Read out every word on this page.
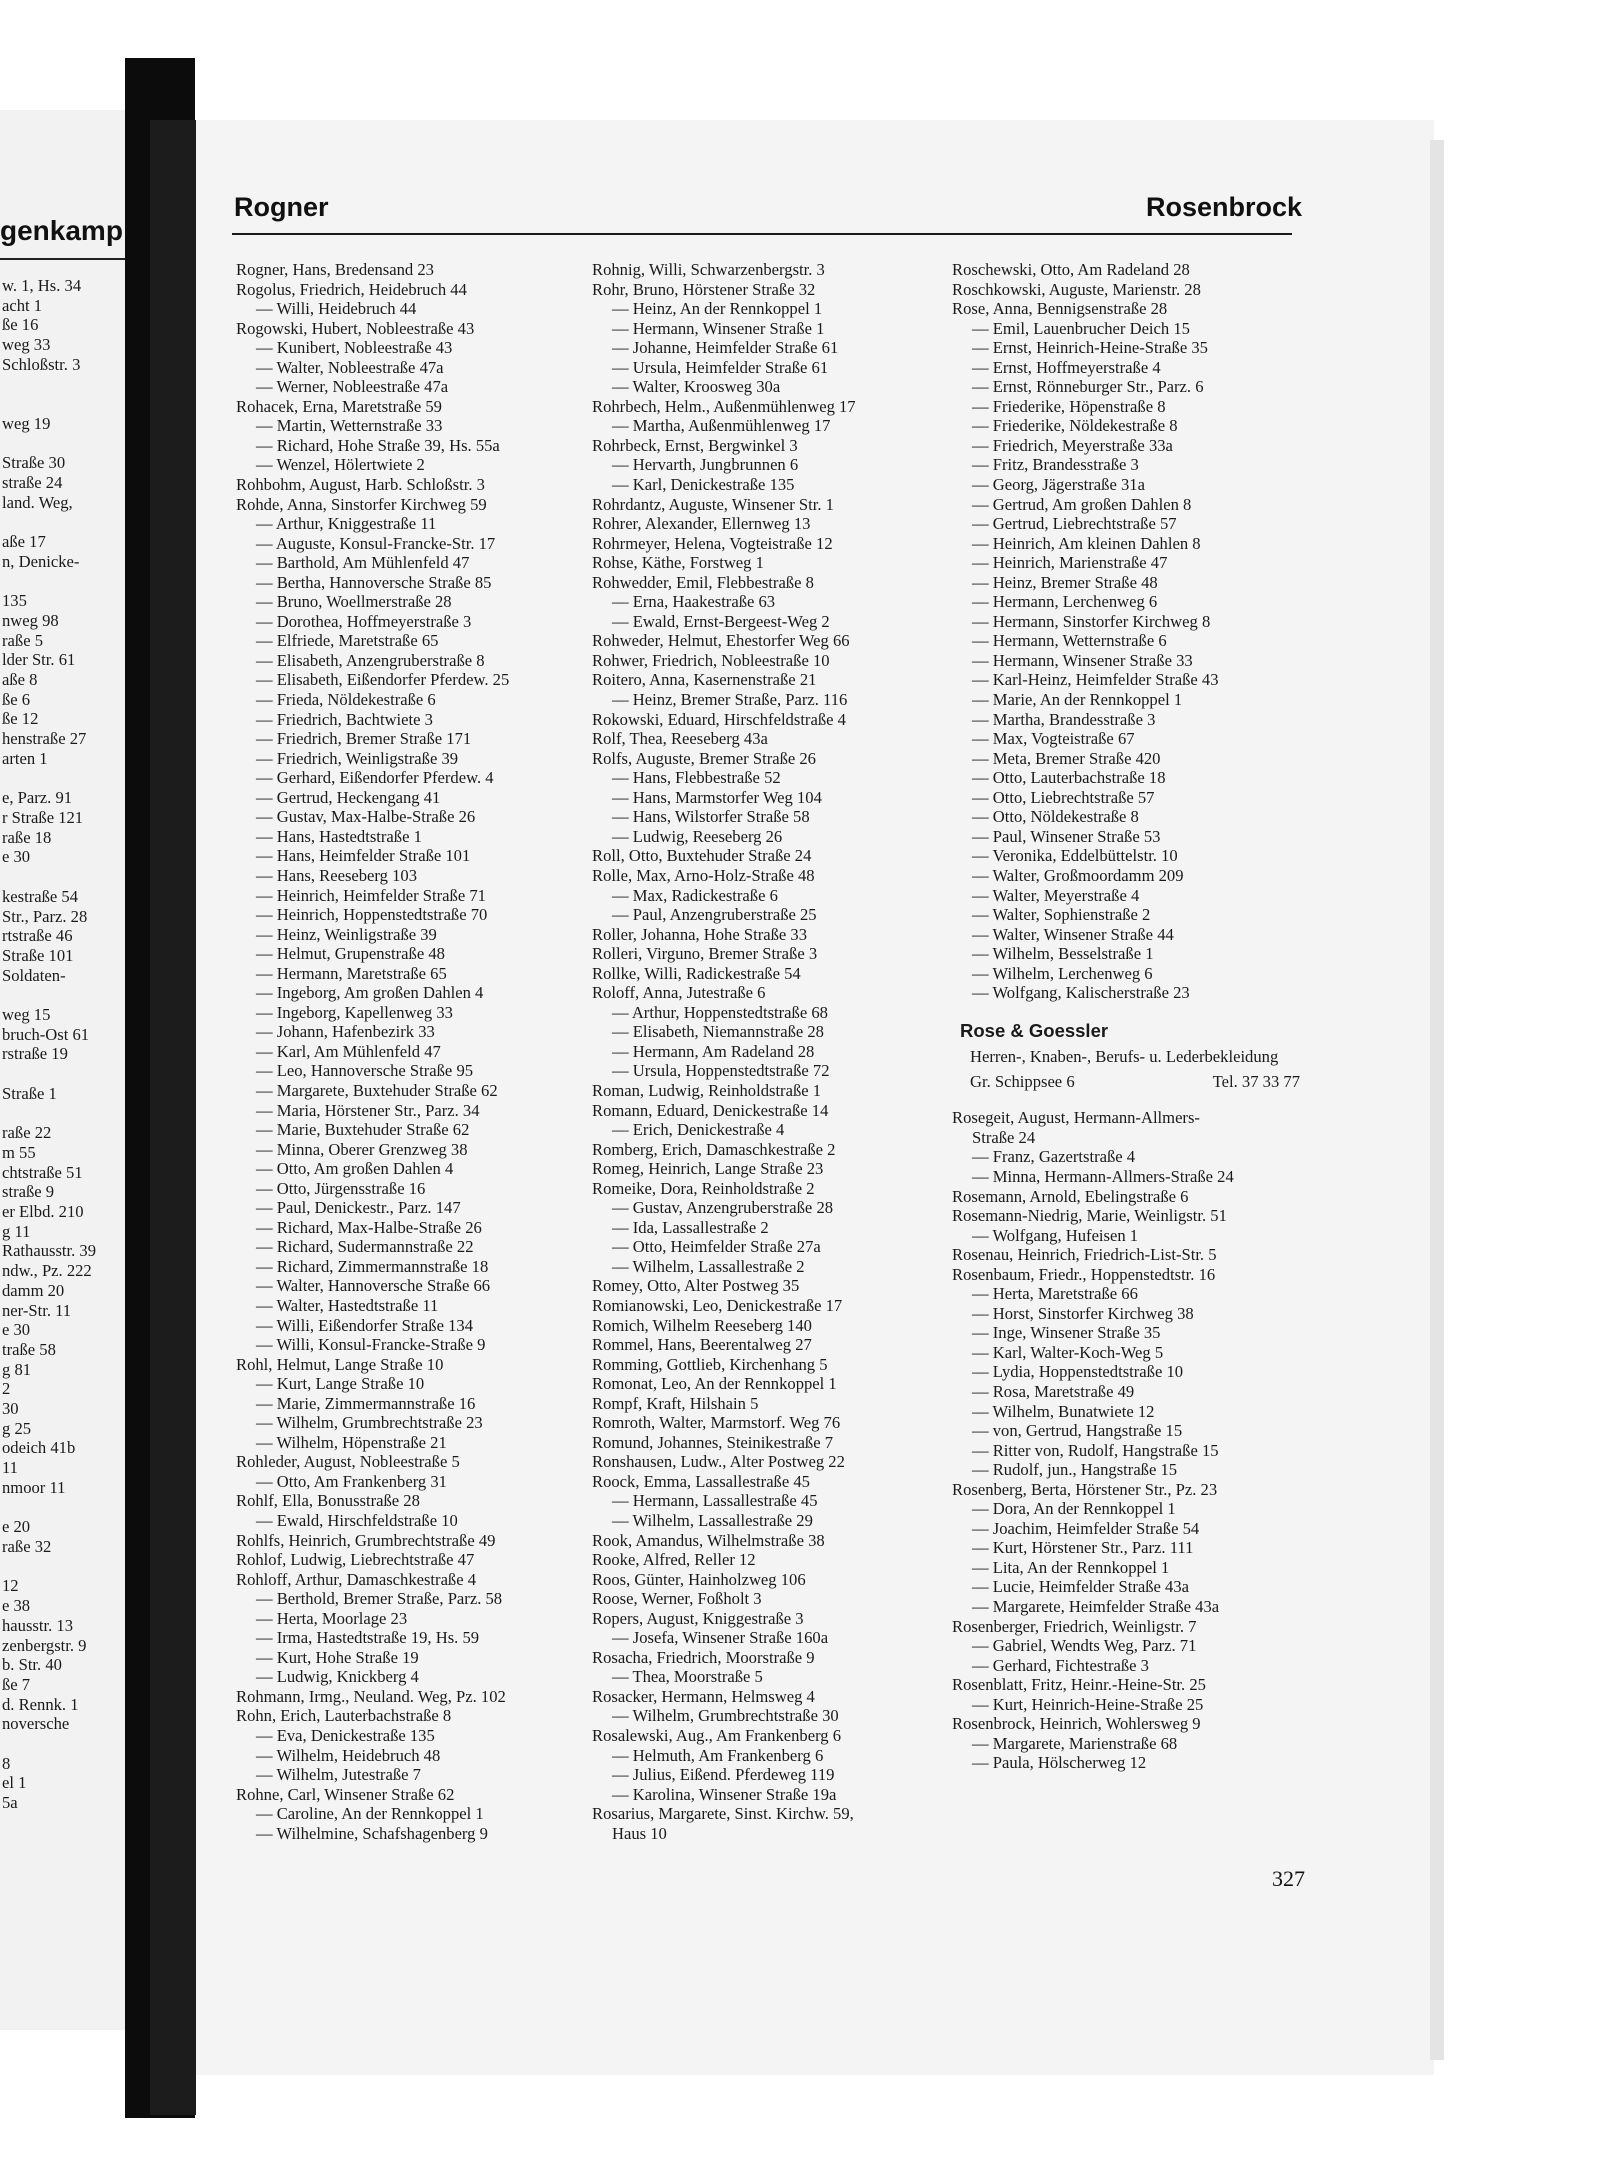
genkamp
w. 1, Hs. 34
acht 1
ße 16
weg 33
Schloßstr. 3

weg 19

Straße 30
straße 24
land. Weg,

aße 17
n, Denicke-

135
nweg 98
raße 5
lder Str. 61
aße 8
ße 6
ße 12
henstraße 27
arten 1

e, Parz. 91
r Straße 121
raße 18
e 30

kestraße 54
Str., Parz. 28
rtstraße 46
Straße 101
Soldaten-

weg 15
bruch-Ost 61
rstraße 19

Straße 1

raße 22
m 55
chtstraße 51
straße 9
er Elbd. 210
g 11
Rathausstr. 39
ndw., Pz. 222
damm 20
ner-Str. 11
e 30
traße 58
g 81
2
30
g 25
odeich 41b
11
nmoor 11

e 20
raße 32

12
e 38
hausstr. 13
zenbergstr. 9
b. Str. 40
ße 7
d. Rennk. 1
noversche

8
el 1
5a
Rogner	Rosenbrock
Rogner, Hans, Bredensand 23
Rogolus, Friedrich, Heidebruch 44
— Willi, Heidebruch 44
Rogowski, Hubert, Nobleestraße 43
— Kunibert, Nobleestraße 43
— Walter, Nobleestraße 47a
— Werner, Nobleestraße 47a
Rohacek, Erna, Maretstraße 59
— Martin, Wetternstraße 33
— Richard, Hohe Straße 39, Hs. 55a
— Wenzel, Hölertwiete 2
Rohbohm, August, Harb. Schloßstr. 3
Rohde, Anna, Sinstorfer Kirchweg 59
— Arthur, Kniggestraße 11
— Auguste, Konsul-Francke-Str. 17
— Barthold, Am Mühlenfeld 47
— Bertha, Hannoversche Straße 85
— Bruno, Woellmerstraße 28
— Dorothea, Hoffmeyerstraße 3
— Elfriede, Maretstraße 65
— Elisabeth, Anzengruberstraße 8
— Elisabeth, Eißendorfer Pferdew. 25
— Frieda, Nöldekestraße 6
— Friedrich, Bachtwiete 3
— Friedrich, Bremer Straße 171
— Friedrich, Weinligstraße 39
— Gerhard, Eißendorfer Pferdew. 4
— Gertrud, Heckengang 41
— Gustav, Max-Halbe-Straße 26
— Hans, Hastedtstraße 1
— Hans, Heimfelder Straße 101
— Hans, Reeseberg 103
— Heinrich, Heimfelder Straße 71
— Heinrich, Hoppenstedtstraße 70
— Heinz, Weinligstraße 39
— Helmut, Grupenstraße 48
— Hermann, Maretstraße 65
— Ingeborg, Am großen Dahlen 4
— Ingeborg, Kapellenweg 33
— Johann, Hafenbezirk 33
— Karl, Am Mühlenfeld 47
— Leo, Hannoversche Straße 95
— Margarete, Buxtehuder Straße 62
— Maria, Hörstener Str., Parz. 34
— Marie, Buxtehuder Straße 62
— Minna, Oberer Grenzweg 38
— Otto, Am großen Dahlen 4
— Otto, Jürgensstraße 16
— Paul, Denickestr., Parz. 147
— Richard, Max-Halbe-Straße 26
— Richard, Sudermannstraße 22
— Richard, Zimmermannstraße 18
— Walter, Hannoversche Straße 66
— Walter, Hastedtstraße 11
— Willi, Eißendorfer Straße 134
— Willi, Konsul-Francke-Straße 9
Rohl, Helmut, Lange Straße 10
— Kurt, Lange Straße 10
— Marie, Zimmermannstraße 16
— Wilhelm, Grumbrechtstraße 23
— Wilhelm, Höpenstraße 21
Rohleder, August, Nobleestraße 5
— Otto, Am Frankenberg 31
Rohlf, Ella, Bonusstraße 28
— Ewald, Hirschfeldstraße 10
Rohlfs, Heinrich, Grumbrechtstraße 49
Rohlof, Ludwig, Liebrechtstraße 47
Rohloff, Arthur, Damaschkestraße 4
— Berthold, Bremer Straße, Parz. 58
— Herta, Moorlage 23
— Irma, Hastedtstraße 19, Hs. 59
— Kurt, Hohe Straße 19
— Ludwig, Knickberg 4
Rohmann, Irmg., Neuland. Weg, Pz. 102
Rohn, Erich, Lauterbachstraße 8
— Eva, Denickestraße 135
— Wilhelm, Heidebruch 48
— Wilhelm, Jutestraße 7
Rohne, Carl, Winsener Straße 62
— Caroline, An der Rennkoppel 1
— Wilhelmine, Schafshagenberg 9
Rohnig, Willi, Schwarzenbergstr. 3
Rohr, Bruno, Hörstener Straße 32
— Heinz, An der Rennkoppel 1
— Hermann, Winsener Straße 1
— Johanne, Heimfelder Straße 61
— Ursula, Heimfelder Straße 61
— Walter, Kroosweg 30a
Rohrbech, Helm., Außenmühlenweg 17
— Martha, Außenmühlenweg 17
Rohrbeck, Ernst, Bergwinkel 3
— Hervarth, Jungbrunnen 6
— Karl, Denickestraße 135
Rohrdantz, Auguste, Winsener Str. 1
Rohrer, Alexander, Ellernweg 13
Rohrmeyer, Helena, Vogteistraße 12
Rohse, Käthe, Forstweg 1
Rohwedder, Emil, Flebbestraße 8
— Erna, Haakestraße 63
— Ewald, Ernst-Bergeest-Weg 2
Rohweder, Helmut, Ehestorfer Weg 66
Rohwer, Friedrich, Nobleestraße 10
Roitero, Anna, Kasernenstraße 21
— Heinz, Bremer Straße, Parz. 116
Rokowski, Eduard, Hirschfeldstraße 4
Rolf, Thea, Reeseberg 43a
Rolfs, Auguste, Bremer Straße 26
— Hans, Flebbestraße 52
— Hans, Marmstorfer Weg 104
— Hans, Wilstorfer Straße 58
— Ludwig, Reeseberg 26
Roll, Otto, Buxtehuder Straße 24
Rolle, Max, Arno-Holz-Straße 48
— Max, Radickestraße 6
— Paul, Anzengruberstraße 25
Roller, Johanna, Hohe Straße 33
Rolleri, Virguno, Bremer Straße 3
Rollke, Willi, Radickestraße 54
Roloff, Anna, Jutestraße 6
— Arthur, Hoppenstedtstraße 68
— Elisabeth, Niemannstraße 28
— Hermann, Am Radeland 28
— Ursula, Hoppenstedtstraße 72
Roman, Ludwig, Reinholdstraße 1
Romann, Eduard, Denickestraße 14
— Erich, Denickestraße 4
Romberg, Erich, Damaschkestraße 2
Romeg, Heinrich, Lange Straße 23
Romeike, Dora, Reinholdstraße 2
— Gustav, Anzengruberstraße 28
— Ida, Lassallestraße 2
— Otto, Heimfelder Straße 27a
— Wilhelm, Lassallestraße 2
Romey, Otto, Alter Postweg 35
Romianowski, Leo, Denickestraße 17
Romich, Wilhelm Reeseberg 140
Rommel, Hans, Beerentalweg 27
Romming, Gottlieb, Kirchenhang 5
Romonat, Leo, An der Rennkoppel 1
Rompf, Kraft, Hilshain 5
Romroth, Walter, Marmstorf. Weg 76
Romund, Johannes, Steinikestraße 7
Ronshausen, Ludw., Alter Postweg 22
Roock, Emma, Lassallestraße 45
— Hermann, Lassallestraße 45
— Wilhelm, Lassallestraße 29
Rook, Amandus, Wilhelmstraße 38
Rooke, Alfred, Reller 12
Roos, Günter, Hainholzweg 106
Roose, Werner, Foßholt 3
Ropers, August, Kniggestraße 3
— Josefa, Winsener Straße 160a
Rosacha, Friedrich, Moorstraße 9
— Thea, Moorstraße 5
Rosacker, Hermann, Helmsweg 4
— Wilhelm, Grumbrechtstraße 30
Rosalewski, Aug., Am Frankenberg 6
— Helmuth, Am Frankenberg 6
— Julius, Eißend. Pferdeweg 119
— Karolina, Winsener Straße 19a
Rosarius, Margarete, Sinst. Kirchw. 59,
Haus 10
Roschewski, Otto, Am Radeland 28
Roschkowski, Auguste, Marienstr. 28
Rose, Anna, Bennigsenstraße 28
— Emil, Lauenbrucher Deich 15
— Ernst, Heinrich-Heine-Straße 35
— Ernst, Hoffmeyerstraße 4
— Ernst, Rönneburger Str., Parz. 6
— Friederike, Höpenstraße 8
— Friederike, Nöldekestraße 8
— Friedrich, Meyerstraße 33a
— Fritz, Brandesstraße 3
— Georg, Jägerstraße 31a
— Gertrud, Am großen Dahlen 8
— Gertrud, Liebrechtstraße 57
— Heinrich, Am kleinen Dahlen 8
— Heinrich, Marienstraße 47
— Heinz, Bremer Straße 48
— Hermann, Lerchenweg 6
— Hermann, Sinstorfer Kirchweg 8
— Hermann, Wetternstraße 6
— Hermann, Winsener Straße 33
— Karl-Heinz, Heimfelder Straße 43
— Marie, An der Rennkoppel 1
— Martha, Brandesstraße 3
— Max, Vogteistraße 67
— Meta, Bremer Straße 420
— Otto, Lauterbachstraße 18
— Otto, Liebrechtstraße 57
— Otto, Nöldekestraße 8
— Paul, Winsener Straße 53
— Veronika, Eddelbüttelstr. 10
— Walter, Großmoordamm 209
— Walter, Meyerstraße 4
— Walter, Sophienstraße 2
— Walter, Winsener Straße 44
— Wilhelm, Besselstraße 1
— Wilhelm, Lerchenweg 6
— Wolfgang, Kalischerstraße 23
Rose & Goessler
Herren-, Knaben-, Berufs- u. Lederbekleidung
Gr. Schippsee 6	Tel. 37 33 77
Rosegeit, August, Hermann-Allmers-
Straße 24
— Franz, Gazertstraße 4
— Minna, Hermann-Allmers-Straße 24
Rosemann, Arnold, Ebelingstraße 6
Rosemann-Niedrig, Marie, Weinligstr. 51
— Wolfgang, Hufeisen 1
Rosenau, Heinrich, Friedrich-List-Str. 5
Rosenbaum, Friedr., Hoppenstedtstr. 16
— Herta, Maretstraße 66
— Horst, Sinstorfer Kirchweg 38
— Inge, Winsener Straße 35
— Karl, Walter-Koch-Weg 5
— Lydia, Hoppenstedtstraße 10
— Rosa, Maretstraße 49
— Wilhelm, Bunatwiete 12
— von, Gertrud, Hangstraße 15
— Ritter von, Rudolf, Hangstraße 15
— Rudolf, jun., Hangstraße 15
Rosenberg, Berta, Hörstener Str., Pz. 23
— Dora, An der Rennkoppel 1
— Joachim, Heimfelder Straße 54
— Kurt, Hörstener Str., Parz. 111
— Lita, An der Rennkoppel 1
— Lucie, Heimfelder Straße 43a
— Margarete, Heimfelder Straße 43a
Rosenberger, Friedrich, Weinligstr. 7
— Gabriel, Wendts Weg, Parz. 71
— Gerhard, Fichtestraße 3
Rosenblatt, Fritz, Heinr.-Heine-Str. 25
— Kurt, Heinrich-Heine-Straße 25
Rosenbrock, Heinrich, Wohlersweg 9
— Margarete, Marienstraße 68
— Paula, Hölscherweg 12
327
